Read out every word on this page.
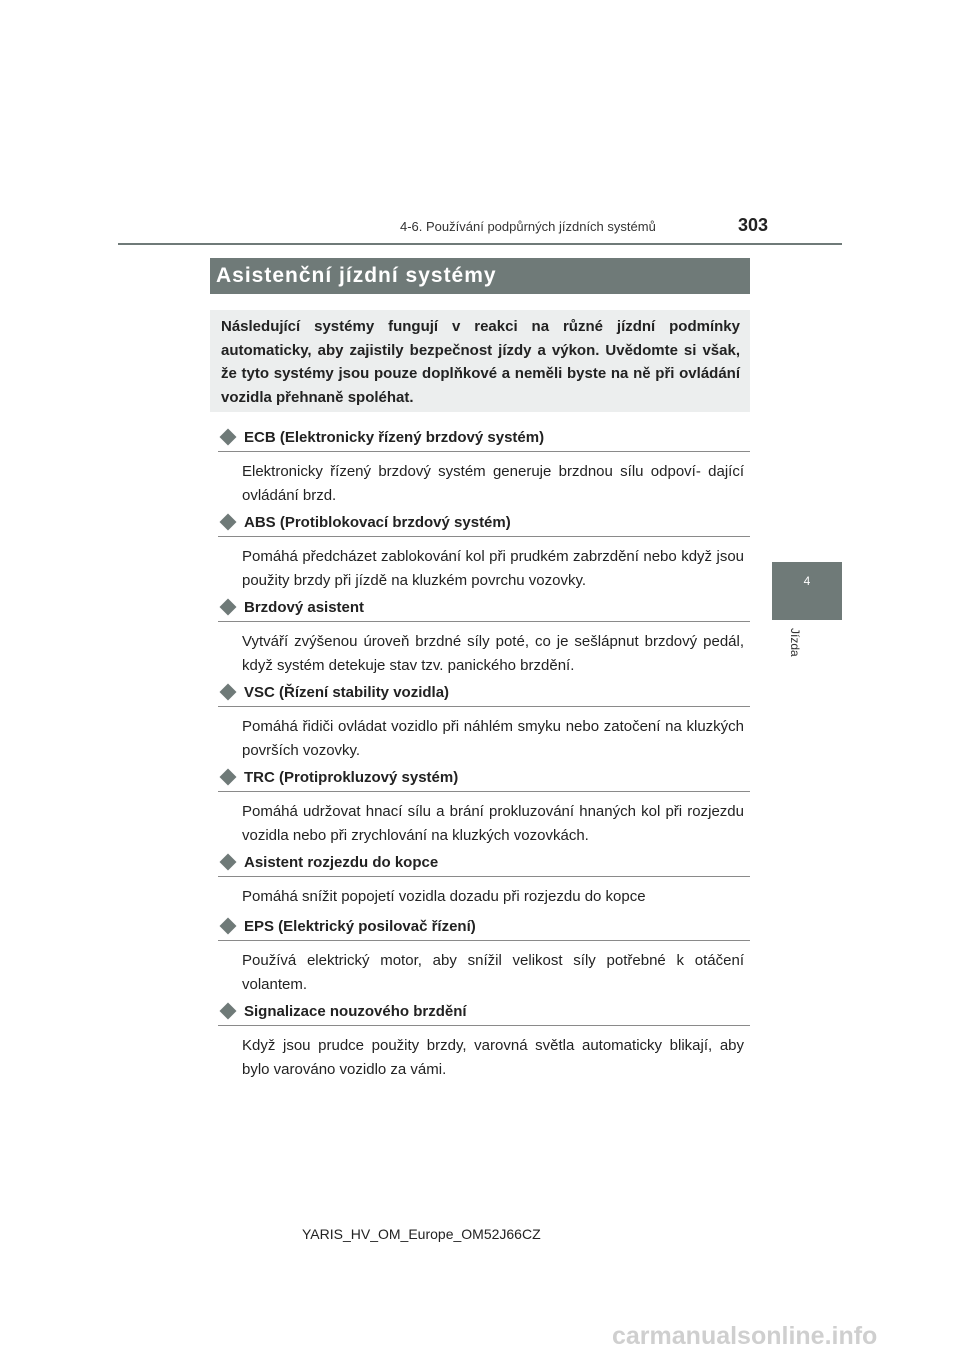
4-6. Používání podpůrných jízdních systémů	303
4
Jízda
Asistenční jízdní systémy
Následující systémy fungují v reakci na různé jízdní podmínky automaticky, aby zajistily bezpečnost jízdy a výkon. Uvědomte si však, že tyto systémy jsou pouze doplňkové a neměli byste na ně při ovládání vozidla přehnaně spoléhat.
ECB (Elektronicky řízený brzdový systém)
Elektronicky řízený brzdový systém generuje brzdnou sílu odpoví- dající ovládání brzd.
ABS (Protiblokovací brzdový systém)
Pomáhá předcházet zablokování kol při prudkém zabrzdění nebo když jsou použity brzdy při jízdě na kluzkém povrchu vozovky.
Brzdový asistent
Vytváří zvýšenou úroveň brzdné síly poté, co je sešlápnut brzdový pedál, když systém detekuje stav tzv. panického brzdění.
VSC (Řízení stability vozidla)
Pomáhá řidiči ovládat vozidlo při náhlém smyku nebo zatočení na kluzkých površích vozovky.
TRC (Protiprokluzový systém)
Pomáhá udržovat hnací sílu a brání prokluzování hnaných kol při rozjezdu vozidla nebo při zrychlování na kluzkých vozovkách.
Asistent rozjezdu do kopce
Pomáhá snížit popojetí vozidla dozadu při rozjezdu do kopce
EPS (Elektrický posilovač řízení)
Používá elektrický motor, aby snížil velikost síly potřebné k otáčení volantem.
Signalizace nouzového brzdění
Když jsou prudce použity brzdy, varovná světla automaticky blikají, aby bylo varováno vozidlo za vámi.
YARIS_HV_OM_Europe_OM52J66CZ
carmanualsonline.info
